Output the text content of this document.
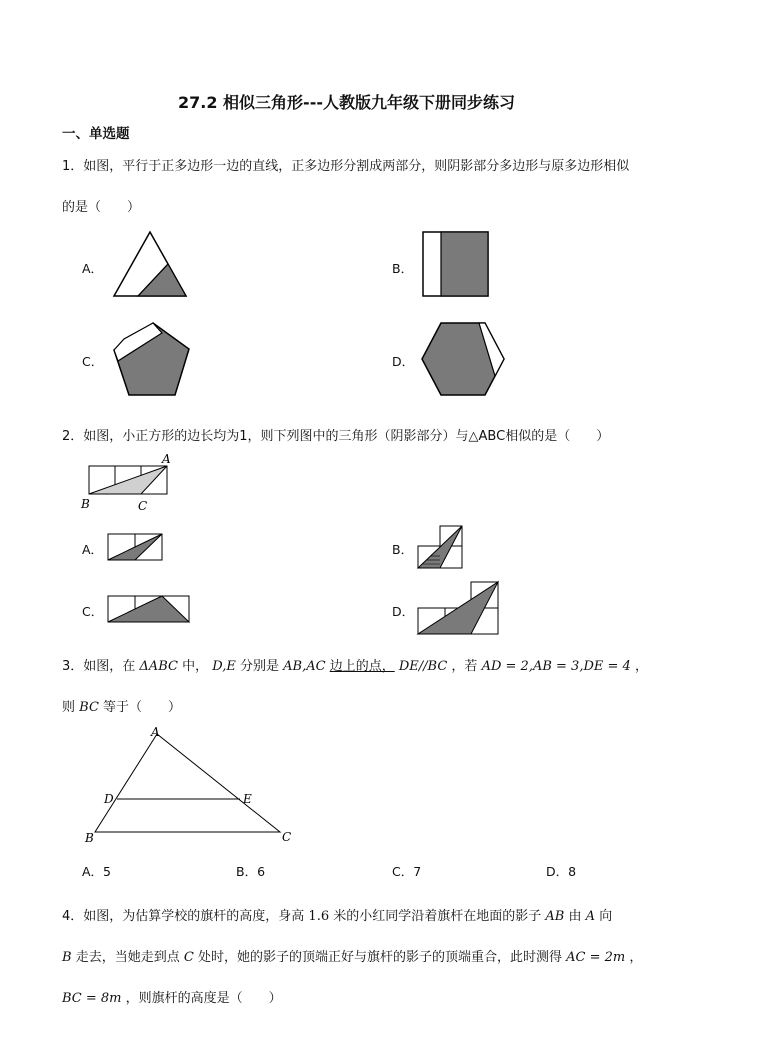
27.2 相似三角形---人教版九年级下册同步练习
一、单选题
1．如图，平行于正多边形一边的直线，正多边形分割成两部分，则阴影部分多边形与原多边形相似
的是（　　）
A．	B．
C．	D．
2．如图，小正方形的边长均为1，则下列图中的三角形（阴影部分）与△ABC相似的是（　　）
A
B	C
A．	B．
C．	D．
3．如图，在 ΔABC 中， D,E 分别是 AB,AC 边上的点， DE//BC ，若 AD = 2,AB = 3,DE = 4 ，
则 BC 等于（　　）
A
D	E
B	C
A．5	B．6	C．7	D．8
4．如图，为估算学校的旗杆的高度，身高 1.6 米的小红同学沿着旗杆在地面的影子 AB 由 A 向
B 走去，当她走到点 C 处时，她的影子的顶端正好与旗杆的影子的顶端重合，此时测得 AC = 2m ，
BC = 8m ，则旗杆的高度是（　　）
